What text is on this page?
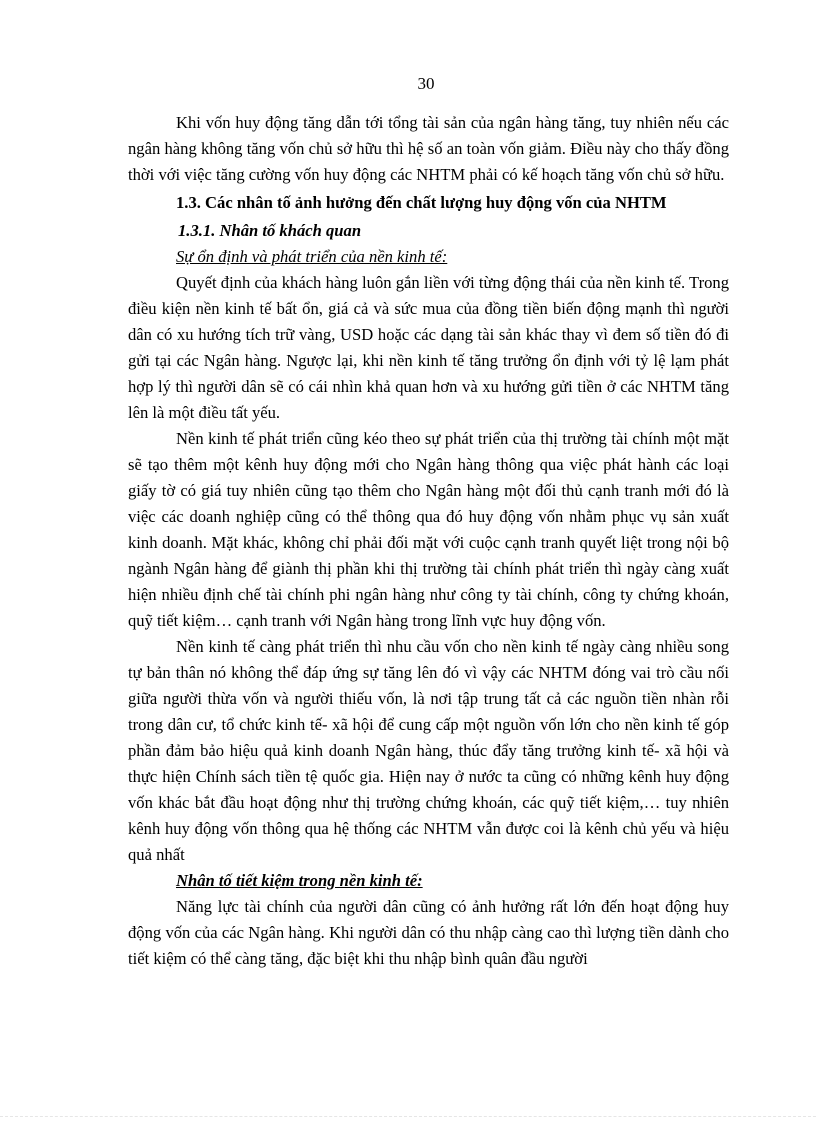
30

Khi vốn huy động tăng dẫn tới tổng tài sản của ngân hàng tăng, tuy nhiên nếu các ngân hàng không tăng vốn chủ sở hữu thì hệ số an toàn vốn giảm. Điều này cho thấy đồng thời với việc tăng cường vốn huy động các NHTM phải có kế hoạch tăng vốn chủ sở hữu.

1.3. Các nhân tố ảnh hưởng đến chất lượng huy động vốn của NHTM

1.3.1. Nhân tố khách quan

Sự ổn định và phát triển của nền kinh tế:

Quyết định của khách hàng luôn gắn liền với từng động thái của nền kinh tế. Trong điều kiện nền kinh tế bất ổn, giá cả và sức mua của đồng tiền biến động mạnh thì người dân có xu hướng tích trữ vàng, USD hoặc các dạng tài sản khác thay vì đem số tiền đó đi gửi tại các Ngân hàng. Ngược lại, khi nền kinh tế tăng trưởng ổn định với tỷ lệ lạm phát hợp lý thì người dân sẽ có cái nhìn khả quan hơn và xu hướng gửi tiền ở các NHTM tăng lên là một điều tất yếu.

Nền kinh tế phát triển cũng kéo theo sự phát triển của thị trường tài chính một mặt sẽ tạo thêm một kênh huy động mới cho Ngân hàng thông qua việc phát hành các loại giấy tờ có giá tuy nhiên cũng tạo thêm cho Ngân hàng một đối thủ cạnh tranh mới đó là việc các doanh nghiệp cũng có thể thông qua đó huy động vốn nhằm phục vụ sản xuất kinh doanh. Mặt khác, không chỉ phải đối mặt với cuộc cạnh tranh quyết liệt trong nội bộ ngành Ngân hàng để giành thị phần khi thị trường tài chính phát triển thì ngày càng xuất hiện nhiều định chế tài chính phi ngân hàng như công ty tài chính, công ty chứng khoán, quỹ tiết kiệm… cạnh tranh với Ngân hàng trong lĩnh vực huy động vốn.

Nền kinh tế càng phát triển thì nhu cầu vốn cho nền kinh tế ngày càng nhiều song tự bản thân nó không thể đáp ứng sự tăng lên đó vì vậy các NHTM đóng vai trò cầu nối giữa người thừa vốn và người thiếu vốn, là nơi tập trung tất cả các nguồn tiền nhàn rỗi trong dân cư, tổ chức kinh tế- xã hội để cung cấp một nguồn vốn lớn cho nền kinh tế góp phần đảm bảo hiệu quả kinh doanh Ngân hàng, thúc đẩy tăng trưởng kinh tế- xã hội và thực hiện Chính sách tiền tệ quốc gia. Hiện nay ở nước ta cũng có những kênh huy động vốn khác bắt đầu hoạt động như thị trường chứng khoán, các quỹ tiết kiệm,… tuy nhiên kênh huy động vốn thông qua hệ thống các NHTM vẫn được coi là kênh chủ yếu và hiệu quả nhất

Nhân tố tiết kiệm trong nền kinh tế:

Năng lực tài chính của người dân cũng có ảnh hưởng rất lớn đến hoạt động huy động vốn của các Ngân hàng. Khi người dân có thu nhập càng cao thì lượng tiền dành cho tiết kiệm có thể càng tăng, đặc biệt khi thu nhập bình quân đầu người
